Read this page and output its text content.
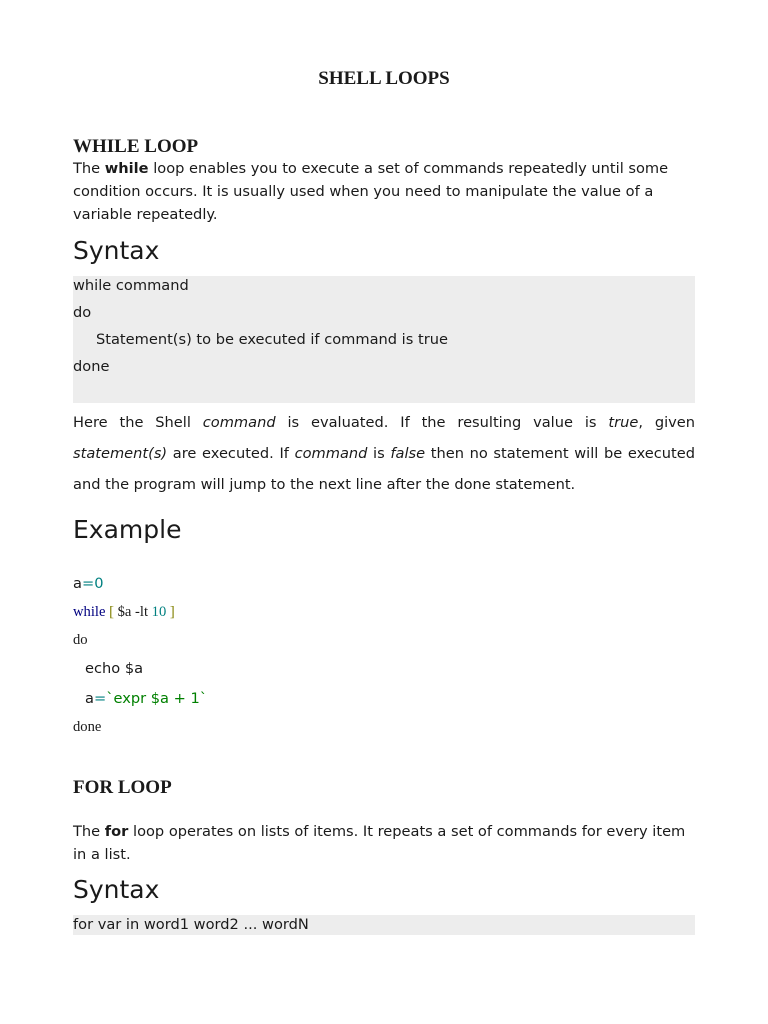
SHELL LOOPS
WHILE LOOP
The while loop enables you to execute a set of commands repeatedly until some condition occurs. It is usually used when you need to manipulate the value of a variable repeatedly.
Syntax
while command
do
Statement(s) to be executed if command is true
done
Here the Shell command is evaluated. If the resulting value is true, given statement(s) are executed. If command is false then no statement will be executed and the program will jump to the next line after the done statement.
Example
a=0
while [ $a -lt 10 ]
do
echo $a
a=`expr $a + 1`
done
FOR LOOP
The for loop operates on lists of items. It repeats a set of commands for every item in a list.
Syntax
for var in word1 word2 ... wordN
